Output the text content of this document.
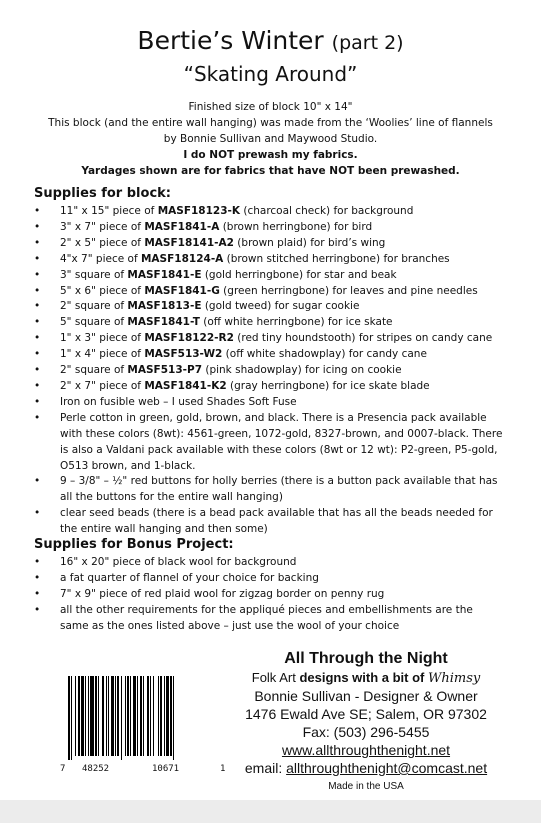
Bertie’s Winter (part 2)
“Skating Around”
Finished size of block 10" x 14"
This block (and the entire wall hanging) was made from the ‘Woolies’ line of flannels
by Bonnie Sullivan and Maywood Studio.
I do NOT prewash my fabrics.
Yardages shown are for fabrics that have NOT been prewashed.
Supplies for block:
• 11" x 15" piece of MASF18123-K (charcoal check) for background
• 3" x 7" piece of MASF1841-A (brown herringbone) for bird
• 2" x 5" piece of MASF18141-A2 (brown plaid) for bird’s wing
• 4"x 7" piece of MASF18124-A (brown stitched herringbone) for branches
• 3" square of MASF1841-E (gold herringbone) for star and beak
• 5" x 6" piece of MASF1841-G (green herringbone) for leaves and pine needles
• 2" square of MASF1813-E (gold tweed) for sugar cookie
• 5" square of MASF1841-T (off white herringbone) for ice skate
• 1" x 3" piece of MASF18122-R2 (red tiny houndstooth) for stripes on candy cane
• 1" x 4" piece of MASF513-W2 (off white shadowplay) for candy cane
• 2" square of MASF513-P7 (pink shadowplay) for icing on cookie
• 2" x 7" piece of MASF1841-K2 (gray herringbone) for ice skate blade
• Iron on fusible web – I used Shades Soft Fuse
• Perle cotton in green, gold, brown, and black. There is a Presencia pack available with these colors (8wt): 4561-green, 1072-gold, 8327-brown, and 0007-black. There is also a Valdani pack available with these colors (8wt or 12 wt): P2-green, P5-gold, O513 brown, and 1-black.
• 9 – 3/8" – ½" red buttons for holly berries (there is a button pack available that has all the buttons for the entire wall hanging)
• clear seed beads (there is a bead pack available that has all the beads needed for the entire wall hanging and then some)
Supplies for Bonus Project:
• 16" x 20" piece of black wool for background
• a fat quarter of flannel of your choice for backing
• 7" x 9" piece of red plaid wool for zigzag border on penny rug
• all the other requirements for the appliqué pieces and embellishments are the same as the ones listed above – just use the wool of your choice
7 48252	10671	1
All Through the Night
Folk Art designs with a bit of Whimsy
Bonnie Sullivan - Designer & Owner
1476 Ewald Ave SE; Salem, OR 97302
Fax: (503) 296-5455
www.allthroughthenight.net
email: allthroughthenight@comcast.net
Made in the USA
